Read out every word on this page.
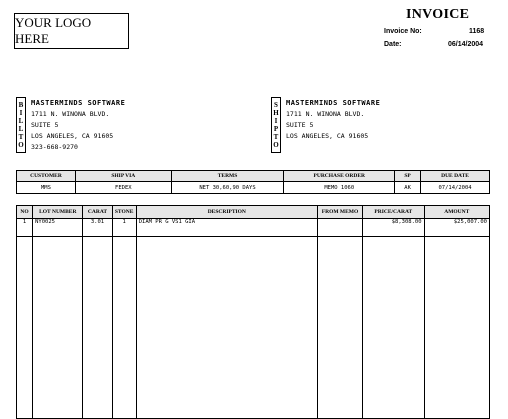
YOUR LOGO HERE
INVOICE
Invoice No:	1168
Date:	06/14/2004
B
I
L
L
T
O
MASTERMINDS SOFTWARE
1711 N. WINONA BLVD.
SUITE 5
LOS ANGELES, CA 91605
323-668-9270
S
H
I
P
T
O
MASTERMINDS SOFTWARE
1711 N. WINONA BLVD.
SUITE 5
LOS ANGELES, CA 91605
CUSTOMER	SHIP VIA	TERMS	PURCHASE ORDER	SP	DUE DATE
MMS	FEDEX	NET 30,60,90 DAYS	MEMO 1060	AK	07/14/2004
NO	LOT NUMBER	CARAT	STONE	DESCRIPTION	FROM MEMO	PRICE/CARAT	AMOUNT
1	NY0025	3.01	1	DIAM PR G VS1 GIA		$8,308.00	$25,007.00
